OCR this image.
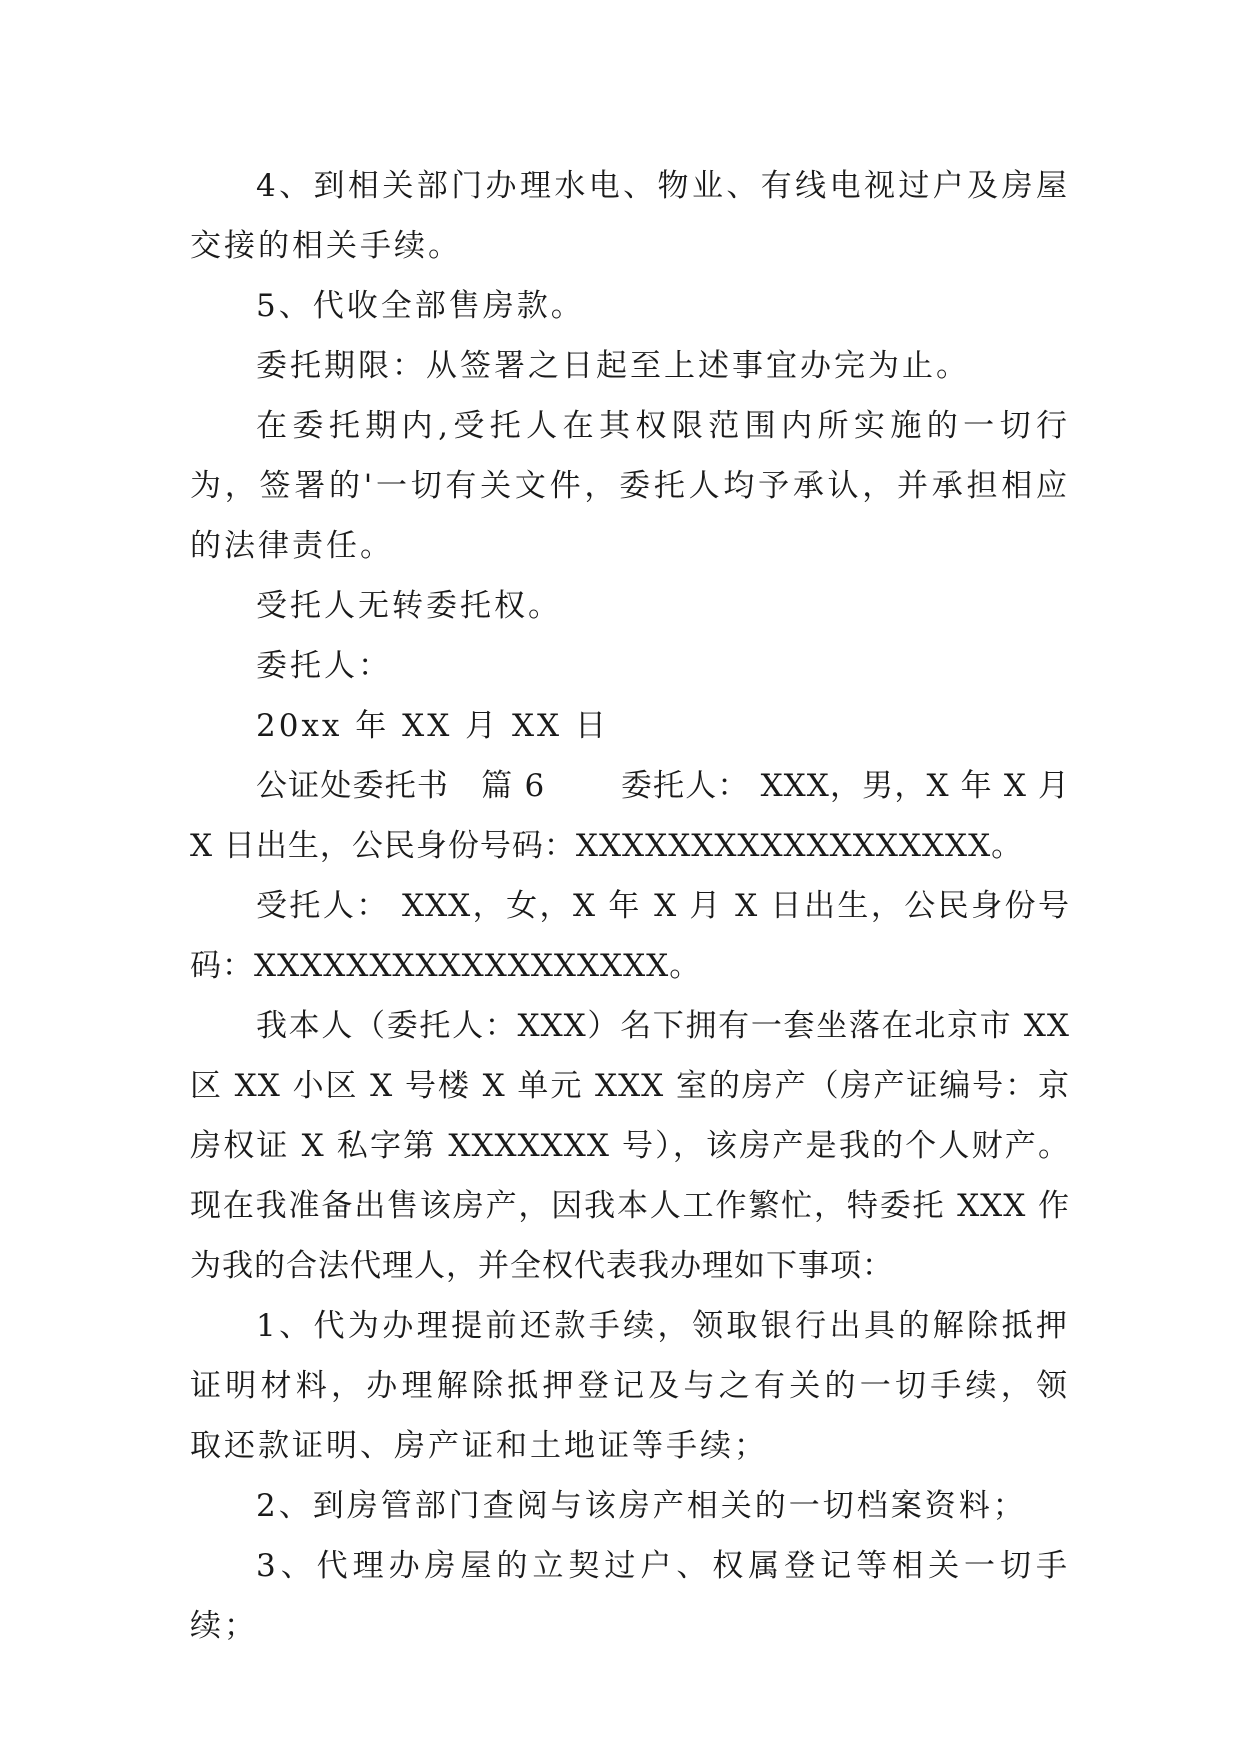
4、到相关部门办理水电、物业、有线电视过户及房屋交接的相关手续。

5、代收全部售房款。

委托期限：从签署之日起至上述事宜办完为止。

在委托期内,受托人在其权限范围内所实施的一切行为，签署的'一切有关文件，委托人均予承认，并承担相应的法律责任。

受托人无转委托权。

委托人：

20xx 年 XX 月 XX 日

公证处委托书　篇 6　　 委托人： XXX，男，X 年 X 月 X 日出生，公民身份号码：XXXXXXXXXXXXXXXXXX。

受托人： XXX，女，X 年 X 月 X 日出生，公民身份号码：XXXXXXXXXXXXXXXXXX。

我本人（委托人：XXX）名下拥有一套坐落在北京市 XX 区 XX 小区 X 号楼 X 单元 XXX 室的房产（房产证编号：京房权证 X 私字第 XXXXXXX 号），该房产是我的个人财产。现在我准备出售该房产，因我本人工作繁忙，特委托 XXX 作为我的合法代理人，并全权代表我办理如下事项：

1、代为办理提前还款手续，领取银行出具的解除抵押证明材料，办理解除抵押登记及与之有关的一切手续，领取还款证明、房产证和土地证等手续；

2、到房管部门查阅与该房产相关的一切档案资料；

3、代理办房屋的立契过户、权属登记等相关一切手续；
